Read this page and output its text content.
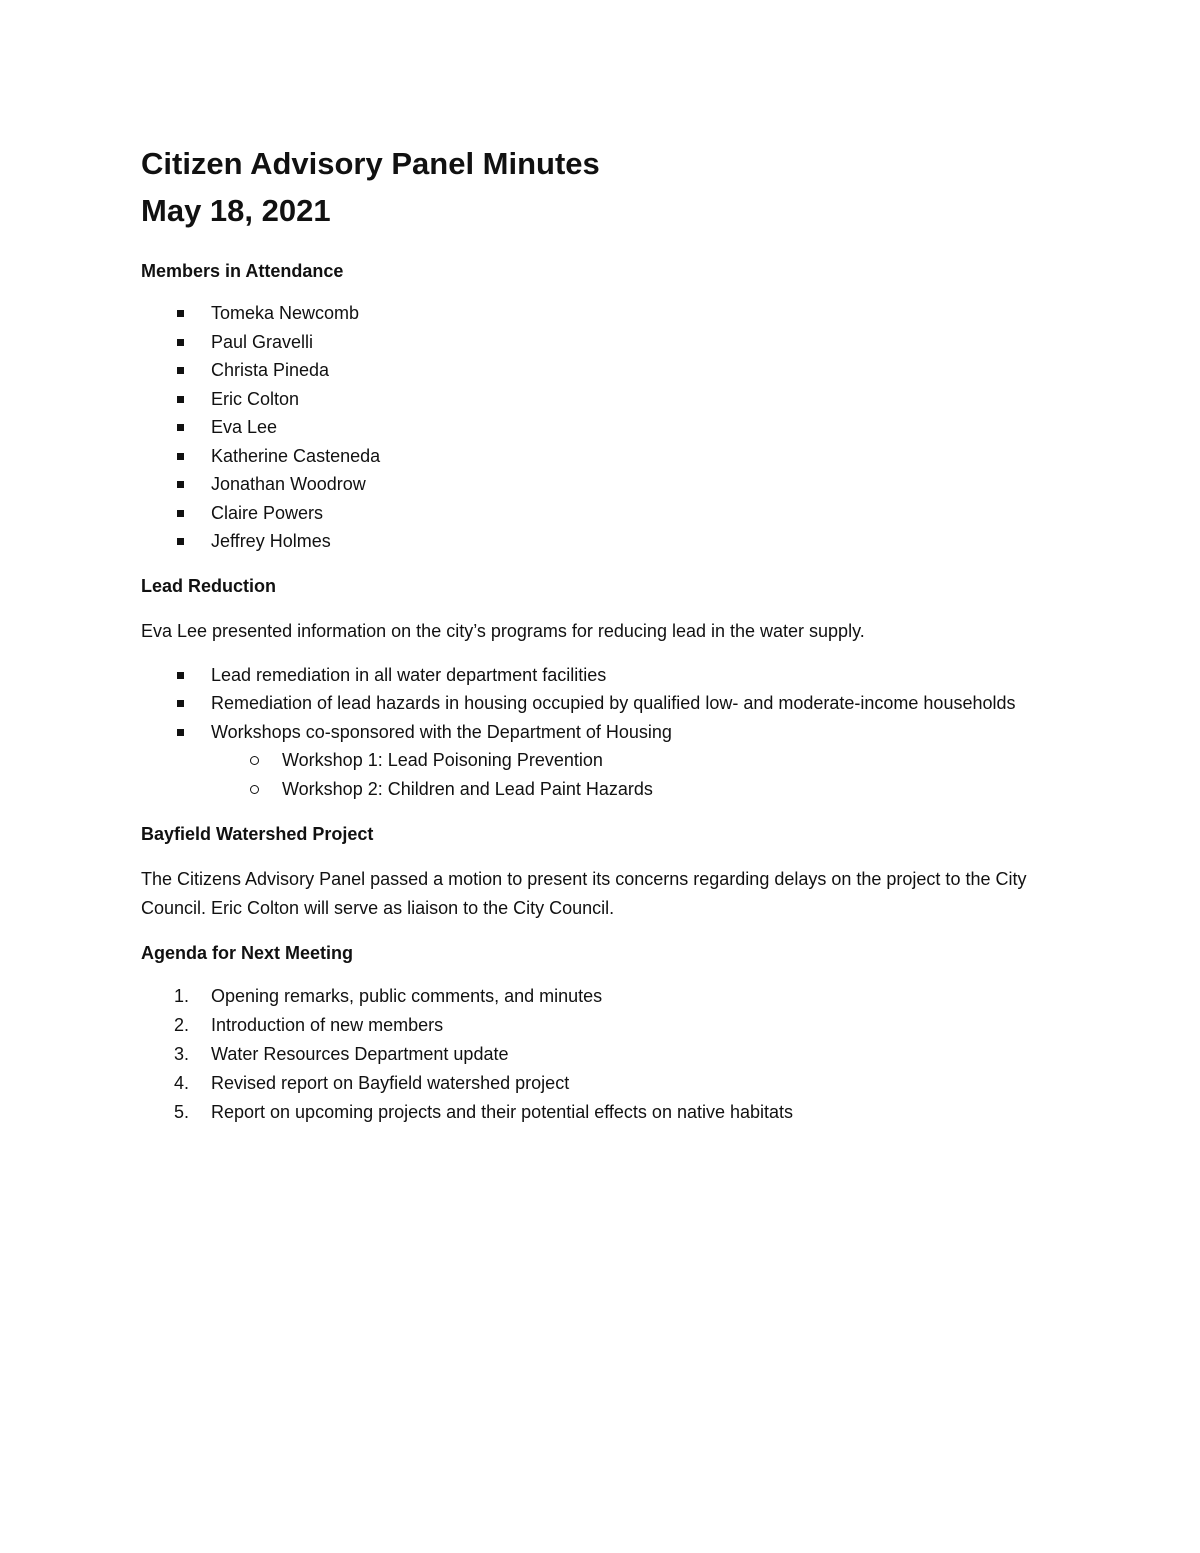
Citizen Advisory Panel Minutes
May 18, 2021
Members in Attendance
Tomeka Newcomb
Paul Gravelli
Christa Pineda
Eric Colton
Eva Lee
Katherine Casteneda
Jonathan Woodrow
Claire Powers
Jeffrey Holmes
Lead Reduction

Eva Lee presented information on the city’s programs for reducing lead in the water supply.

Lead remediation in all water department facilities
Remediation of lead hazards in housing occupied by qualified low- and moderate-income households
Workshops co-sponsored with the Department of Housing
Workshop 1: Lead Poisoning Prevention
Workshop 2: Children and Lead Paint Hazards
Bayfield Watershed Project

The Citizens Advisory Panel passed a motion to present its concerns regarding delays on the project to the City Council. Eric Colton will serve as liaison to the City Council.

Agenda for Next Meeting
1. Opening remarks, public comments, and minutes
2. Introduction of new members
3. Water Resources Department update
4. Revised report on Bayfield watershed project
5. Report on upcoming projects and their potential effects on native habitats
